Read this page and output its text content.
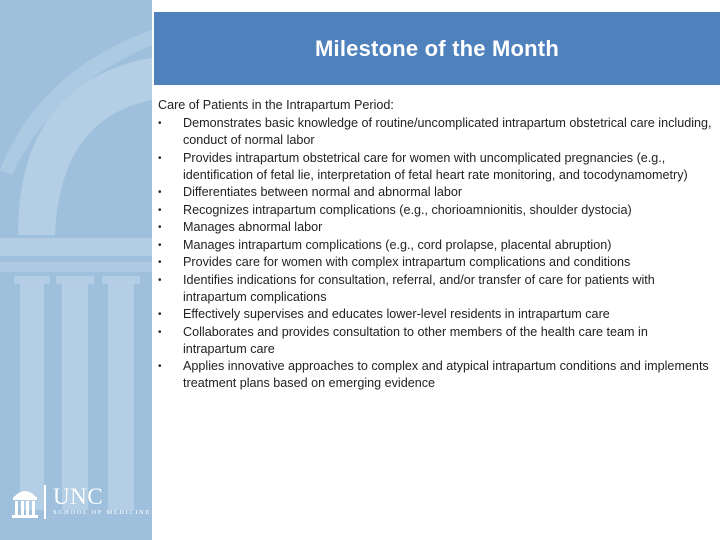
UNC
SCHOOL OF MEDICINE
Milestone of the Month

Care of Patients in the Intrapartum Period:

•	Demonstrates basic knowledge of routine/uncomplicated intrapartum obstetrical care including, conduct of normal labor
•	Provides intrapartum obstetrical care for women with uncomplicated pregnancies (e.g., identification of fetal lie, interpretation of fetal heart rate monitoring, and tocodynamometry)
•	Differentiates between normal and abnormal labor
•	Recognizes intrapartum complications (e.g., chorioamnionitis, shoulder dystocia)
•	Manages abnormal labor
•	Manages intrapartum complications (e.g., cord prolapse, placental abruption)
•	Provides care for women with complex intrapartum complications and conditions
•	Identifies indications for consultation, referral, and/or transfer of care for patients with intrapartum complications
•	Effectively supervises and educates lower-level residents in intrapartum care
•	Collaborates and provides consultation to other members of the health care team in intrapartum care
•	Applies innovative approaches to complex and atypical intrapartum conditions and implements treatment plans based on emerging evidence
